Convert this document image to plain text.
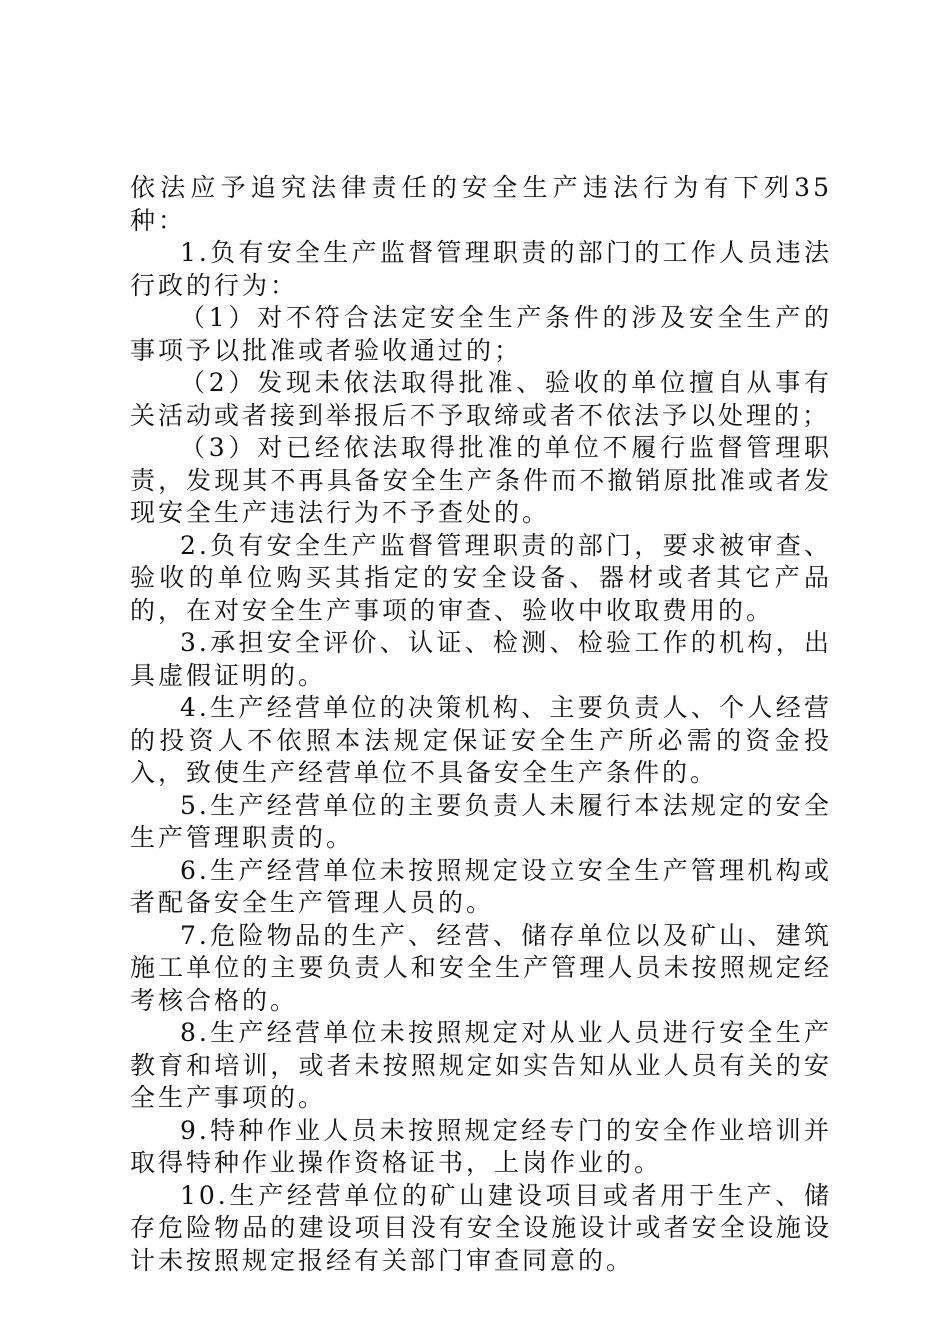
依法应予追究法律责任的安全生产违法行为有下列35种：

1.负有安全生产监督管理职责的部门的工作人员违法行政的行为：

（1）对不符合法定安全生产条件的涉及安全生产的事项予以批准或者验收通过的；

（2）发现未依法取得批准、验收的单位擅自从事有关活动或者接到举报后不予取缔或者不依法予以处理的；

（3）对已经依法取得批准的单位不履行监督管理职责，发现其不再具备安全生产条件而不撤销原批准或者发现安全生产违法行为不予查处的。

2.负有安全生产监督管理职责的部门，要求被审查、验收的单位购买其指定的安全设备、器材或者其它产品的，在对安全生产事项的审查、验收中收取费用的。

3.承担安全评价、认证、检测、检验工作的机构，出具虚假证明的。

4.生产经营单位的决策机构、主要负责人、个人经营的投资人不依照本法规定保证安全生产所必需的资金投入，致使生产经营单位不具备安全生产条件的。

5.生产经营单位的主要负责人未履行本法规定的安全生产管理职责的。

6.生产经营单位未按照规定设立安全生产管理机构或者配备安全生产管理人员的。

7.危险物品的生产、经营、储存单位以及矿山、建筑施工单位的主要负责人和安全生产管理人员未按照规定经考核合格的。

8.生产经营单位未按照规定对从业人员进行安全生产教育和培训，或者未按照规定如实告知从业人员有关的安全生产事项的。

9.特种作业人员未按照规定经专门的安全作业培训并取得特种作业操作资格证书，上岗作业的。

10.生产经营单位的矿山建设项目或者用于生产、储存危险物品的建设项目没有安全设施设计或者安全设施设计未按照规定报经有关部门审查同意的。
